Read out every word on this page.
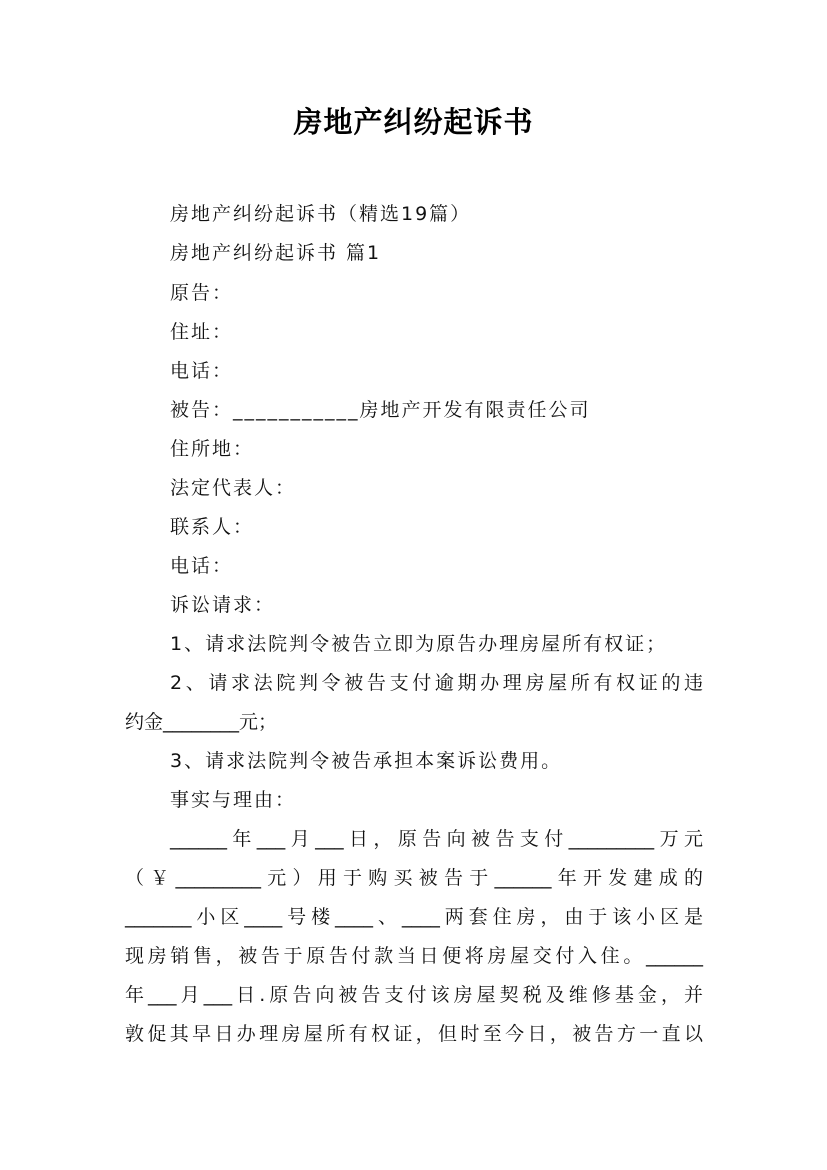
房地产纠纷起诉书
房地产纠纷起诉书（精选19篇）
房地产纠纷起诉书 篇1
原告：
住址：
电话：
被告：___________房地产开发有限责任公司
住所地：
法定代表人：
联系人：
电话：
诉讼请求：
1、请求法院判令被告立即为原告办理房屋所有权证；
2、请求法院判令被告支付逾期办理房屋所有权证的违
约金________元；
3、请求法院判令被告承担本案诉讼费用。
事实与理由：
______年___月___日，原告向被告支付_________万元
（￥_________元）用于购买被告于______年开发建成的
_______小区____号楼____、____两套住房，由于该小区是
现房销售，被告于原告付款当日便将房屋交付入住。______
年___月___日.原告向被告支付该房屋契税及维修基金，并
敦促其早日办理房屋所有权证，但时至今日，被告方一直以
